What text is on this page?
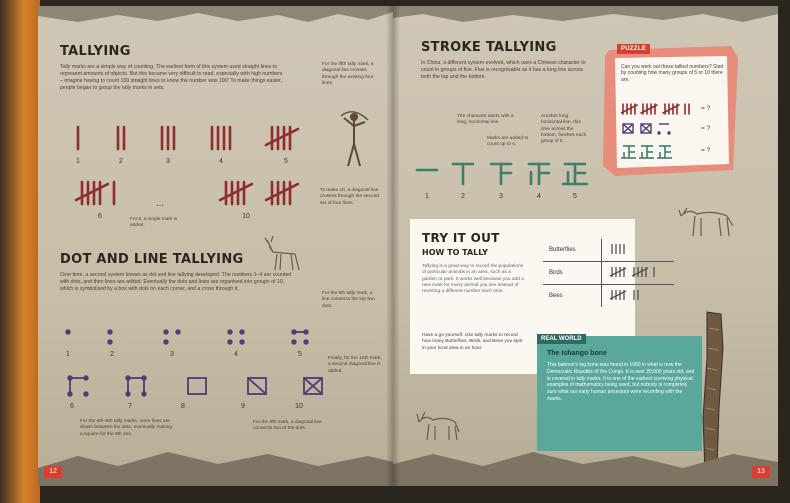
TALLYING
Tally marks are a simple way of counting. The earliest form of this system used straight lines to represent amounts of objects. But this became very difficult to read, especially with high numbers – imagine having to count 100 straight lines to know the number was 100! To make things easier, people began to group the tally marks in sets.
For the fifth tally mark, a diagonal line crosses through the existing four lines.
1	2	3	4	5
6
...
10
For 6, a single mark is added.
To make 10, a diagonal line crosses through the second set of four lines.
DOT AND LINE TALLYING
Over time, a second system known as dot and line tallying developed. The numbers 1–4 are counted with dots, and then lines are added. Eventually the dots and lines are organised into groups of 10, which is symbolised by a box with dots on each corner, and a cross through it.
For the 5th tally mark, a line connects the top two dots.
1	2	3	4	5
6	7	8	9	10
Finally, for the 10th mark, a second diagonal line is added.
For the 6th–8th tally marks, more lines are drawn between the dots, eventually making a square for the 8th one.
For the 9th mark, a diagonal line connects two of the dots.
12
STROKE TALLYING
In China, a different system evolved, which uses a Chinese character to count in groups of five. Five is recognisable as it has a long line across both the top and the bottom.
The character starts with a long, horizontal line.
Marks are added to count up to 4.
Another long horizontal line, this time across the bottom, finishes each group of 5.
1	2	3	4	5
PUZZLE
Can you work out these tallied numbers? Start by counting how many groups of 5 or 10 there are.
= ?
= ?
= ?
TRY IT OUT
HOW TO TALLY
Tallying is a great way to record the populations of particular animals in an area, such as a garden or park. It works well because you add a new mark for every animal you see instead of rewriting a different number each time.
Have a go yourself. Use tally marks to record how many Butterflies, Birds, and Bees you spot in your local area in an hour.
Butterflies	
Birds	
Bees	
REAL WORLD
The Ishango bone
This baboon's leg bone was found in 1960 in what is now the Democratic Republic of the Congo. It is over 20,000 years old, and is covered in tally marks. It is one of the earliest surviving physical examples of mathematics being used, but nobody is completely sure what our early human ancestors were recording with the marks.
13
